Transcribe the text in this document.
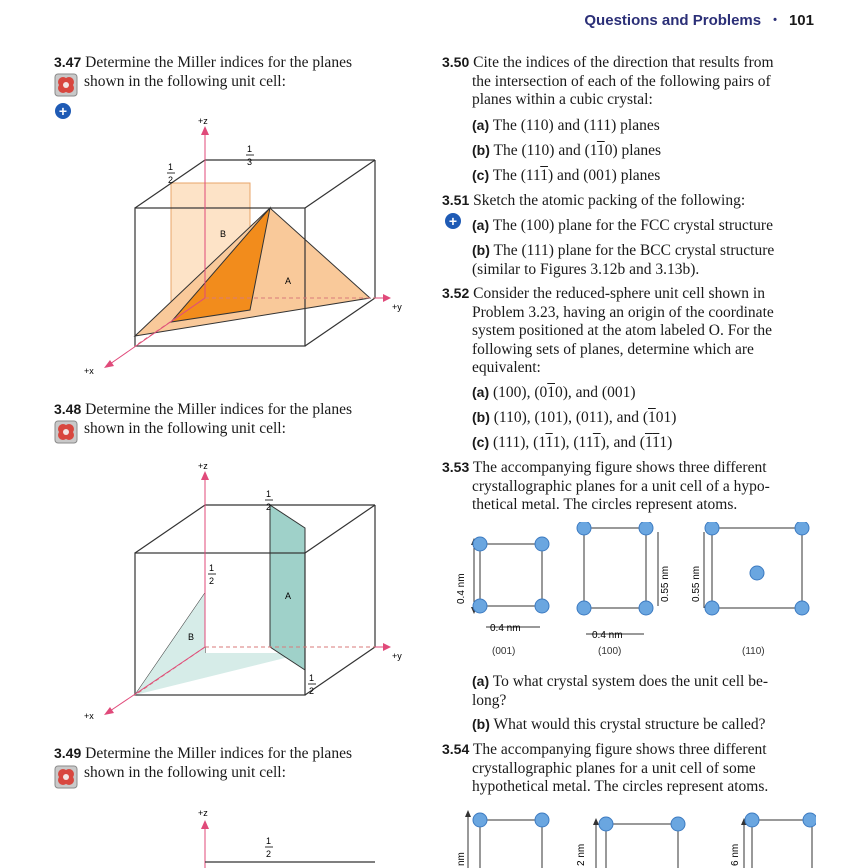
Questions and Problems • 101
3.47 Determine the Miller indices for the planes
shown in the following unit cell:
+
+z
+y
+x
1
2
1
3
B
A
3.48 Determine the Miller indices for the planes
shown in the following unit cell:
+z
+y
+x
1
2
1
2
1
2
B
A
3.49 Determine the Miller indices for the planes
shown in the following unit cell:
+z
1
2
3.50 Cite the indices of the direction that results from
the intersection of each of the following pairs of
planes within a cubic crystal:
(a) The (110) and (111) planes
(b) The (110) and (110) planes
(c) The (111) and (001) planes
3.51 Sketch the atomic packing of the following:
+ (a) The (100) plane for the FCC crystal structure
(b) The (111) plane for the BCC crystal structure
(similar to Figures 3.12b and 3.13b).
3.52 Consider the reduced-sphere unit cell shown in
Problem 3.23, having an origin of the coordinate
system positioned at the atom labeled O. For the
following sets of planes, determine which are
equivalent:
(a) (100), (010), and (001)
(b) (110), (101), (011), and (101)
(c) (111), (111), (111), and (111)
3.53 The accompanying figure shows three different
crystallographic planes for a unit cell of a hypo-
thetical metal. The circles represent atoms.
0.4 nm
0.4 nm
(001)
0.55 nm
0.4 nm
(100)
0.55 nm
(110)
(a) To what crystal system does the unit cell be-
long?
(b) What would this crystal structure be called?
3.54 The accompanying figure shows three different
crystallographic planes for a unit cell of some
hypothetical metal. The circles represent atoms.
nm	2 nm	6 nm
